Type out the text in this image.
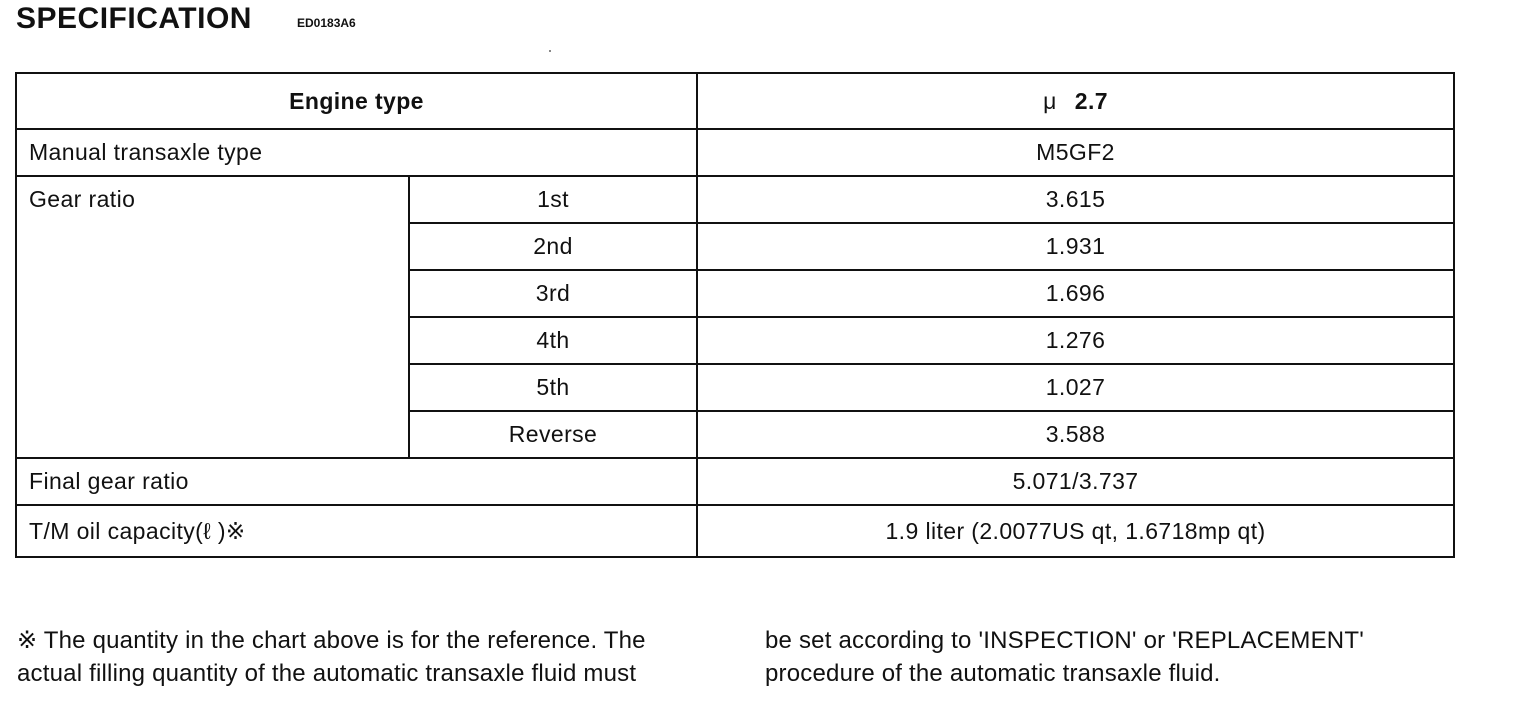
SPECIFICATION	ED0183A6
Engine type		μ 2.7
Manual transaxle type		M5GF2
Gear ratio	1st	3.615
	2nd	1.931
	3rd	1.696
	4th	1.276
	5th	1.027
	Reverse	3.588
Final gear ratio		5.071/3.737
T/M oil capacity(ℓ )※		1.9 liter (2.0077US qt, 1.6718mp qt)
※ The quantity in the chart above is for the reference. The
actual filling quantity of the automatic transaxle fluid must
be set according to 'INSPECTION' or 'REPLACEMENT'
procedure of the automatic transaxle fluid.
